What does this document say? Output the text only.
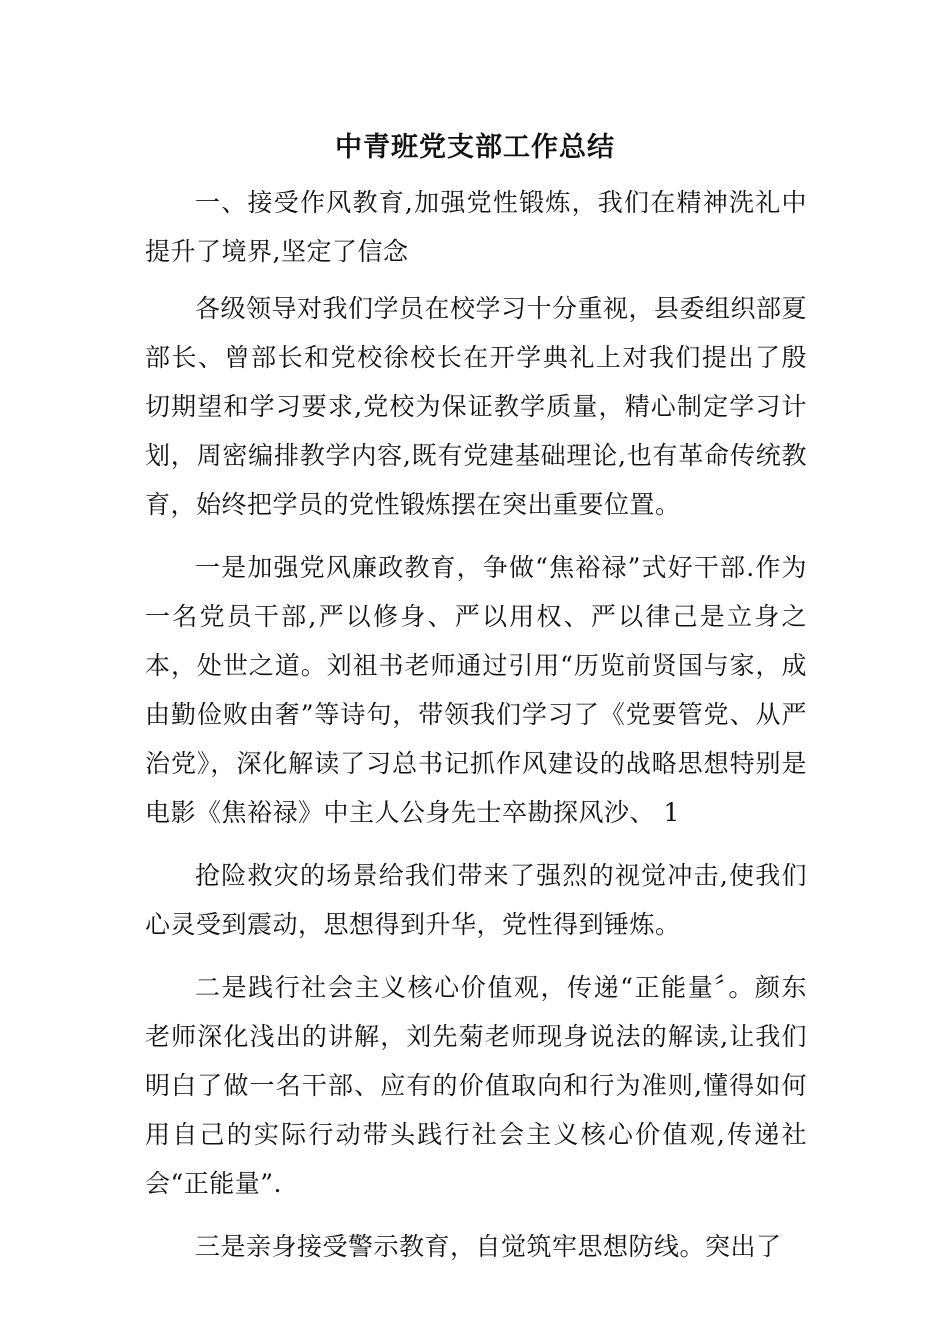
中青班党支部工作总结

一、接受作风教育,加强党性锻炼，我们在精神洗礼中提升了境界,坚定了信念

各级领导对我们学员在校学习十分重视，县委组织部夏部长、曾部长和党校徐校长在开学典礼上对我们提出了殷切期望和学习要求,党校为保证教学质量，精心制定学习计划，周密编排教学内容,既有党建基础理论,也有革命传统教育，始终把学员的党性锻炼摆在突出重要位置。

一是加强党风廉政教育，争做“焦裕禄”式好干部.作为一名党员干部,严以修身、严以用权、严以律己是立身之本，处世之道。刘祖书老师通过引用“历览前贤国与家，成由勤俭败由奢”等诗句，带领我们学习了《党要管党、从严治党》，深化解读了习总书记抓作风建设的战略思想特别是电影《焦裕禄》中主人公身先士卒勘探风沙、 1

抢险救灾的场景给我们带来了强烈的视觉冲击,使我们心灵受到震动，思想得到升华，党性得到锤炼。

二是践行社会主义核心价值观，传递“正能量〞。颜东老师深化浅出的讲解，刘先菊老师现身说法的解读,让我们明白了做一名干部、应有的价值取向和行为准则,懂得如何用自己的实际行动带头践行社会主义核心价值观,传递社会“正能量”.

三是亲身接受警示教育，自觉筑牢思想防线。突出了
